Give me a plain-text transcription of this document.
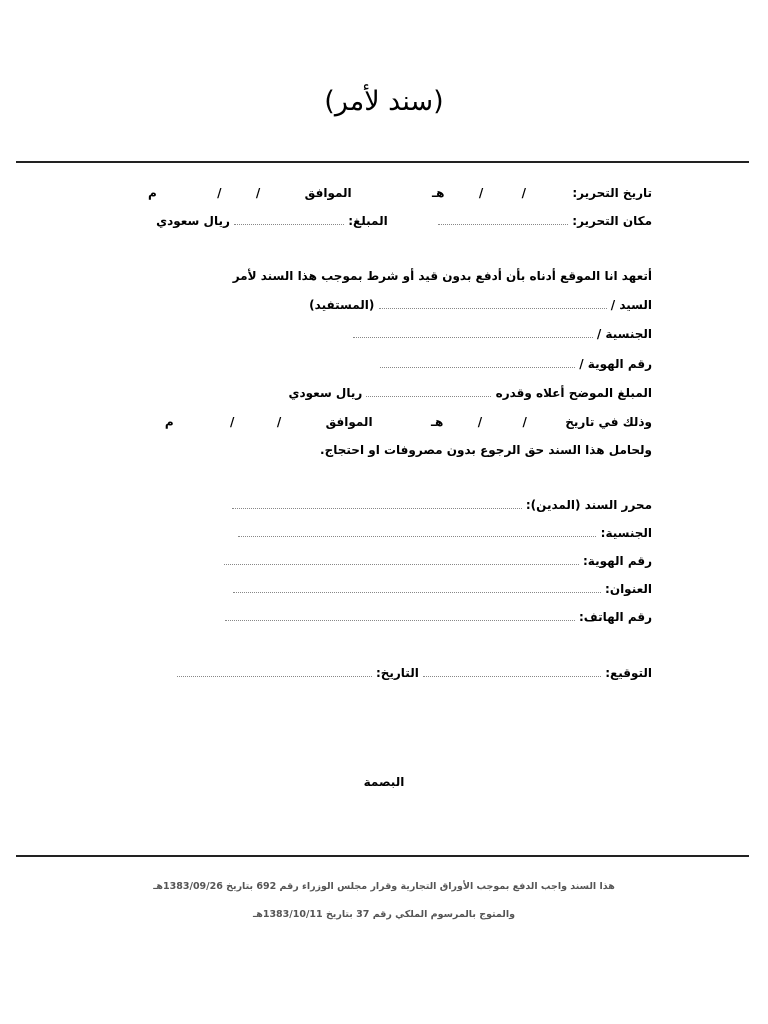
(سند لأمر)
تاريخ التحرير:  /  /  هـ  الموافق  /  /  م
مكان التحرير:   المبلغ:  ريال سعودي
أتعهد انا الموقع أدناه بأن أدفع بدون قيد أو شرط بموجب هذا السند لأمر
السيد /  (المستفيد)
الجنسية /
رقم الهوية /
المبلغ الموضح أعلاه وقدره  ريال سعودي
وذلك في تاريخ  /  /  هـ  الموافق  /  /  م
ولحامل هذا السند حق الرجوع بدون مصروفات او احتجاج.
محرر السند (المدين):
الجنسية:
رقم الهوية:
العنوان:
رقم الهاتف:
التوقيع:  التاريخ:
البصمة
هذا السند واجب الدفع بموجب الأوراق التجارية وقرار مجلس الوزراء رقم 692 بتاريخ 1383/09/26هـ
والمتوج بالمرسوم الملكي رقم 37 بتاريخ 1383/10/11هـ
